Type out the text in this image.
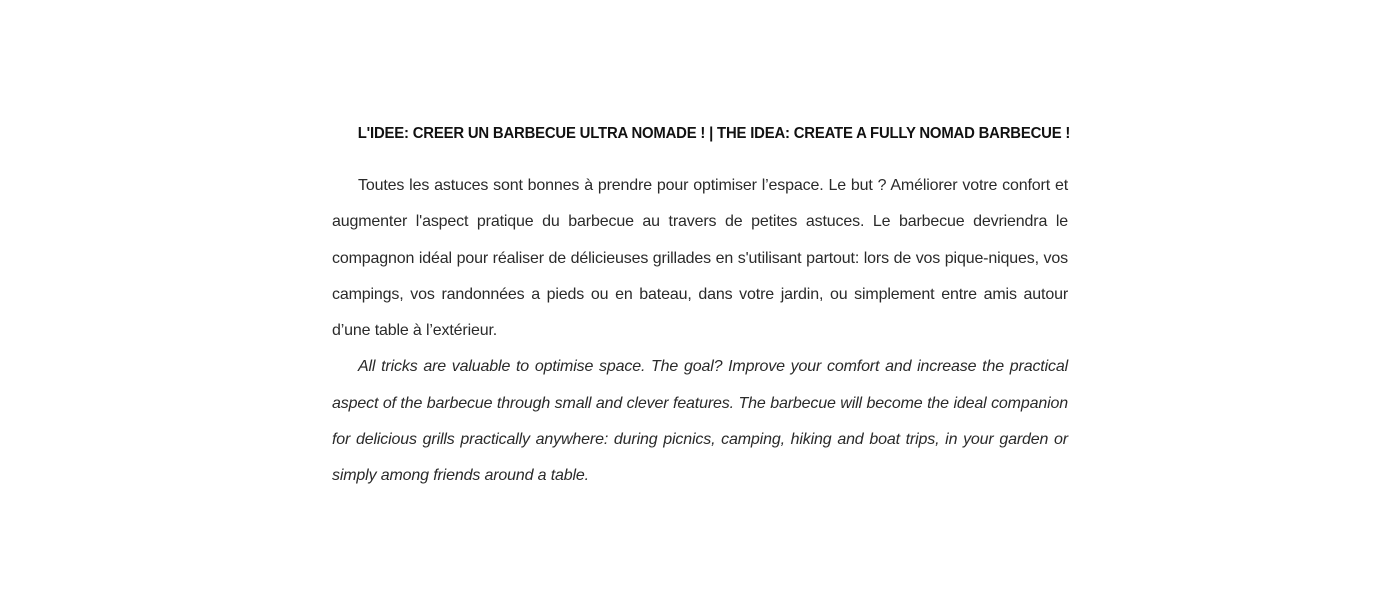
L'IDEE: CREER UN BARBECUE ULTRA NOMADE ! | THE IDEA: CREATE A FULLY NOMAD BARBECUE !

Toutes les astuces sont bonnes à prendre pour optimiser l’espace. Le but ? Améliorer votre confort et augmenter l'aspect pratique du barbecue au travers de petites astuces. Le barbecue devriendra le compagnon idéal pour réaliser de délicieuses grillades en s'utilisant partout: lors de vos pique-niques, vos campings, vos randonnées a pieds ou en bateau, dans votre jardin, ou simplement entre amis autour d’une table à l’extérieur.

All tricks are valuable to optimise space. The goal? Improve your comfort and increase the practical aspect of the barbecue through small and clever features. The barbecue will become the ideal companion for delicious grills practically anywhere: during picnics, camping, hiking and boat trips, in your garden or simply among friends around a table.
